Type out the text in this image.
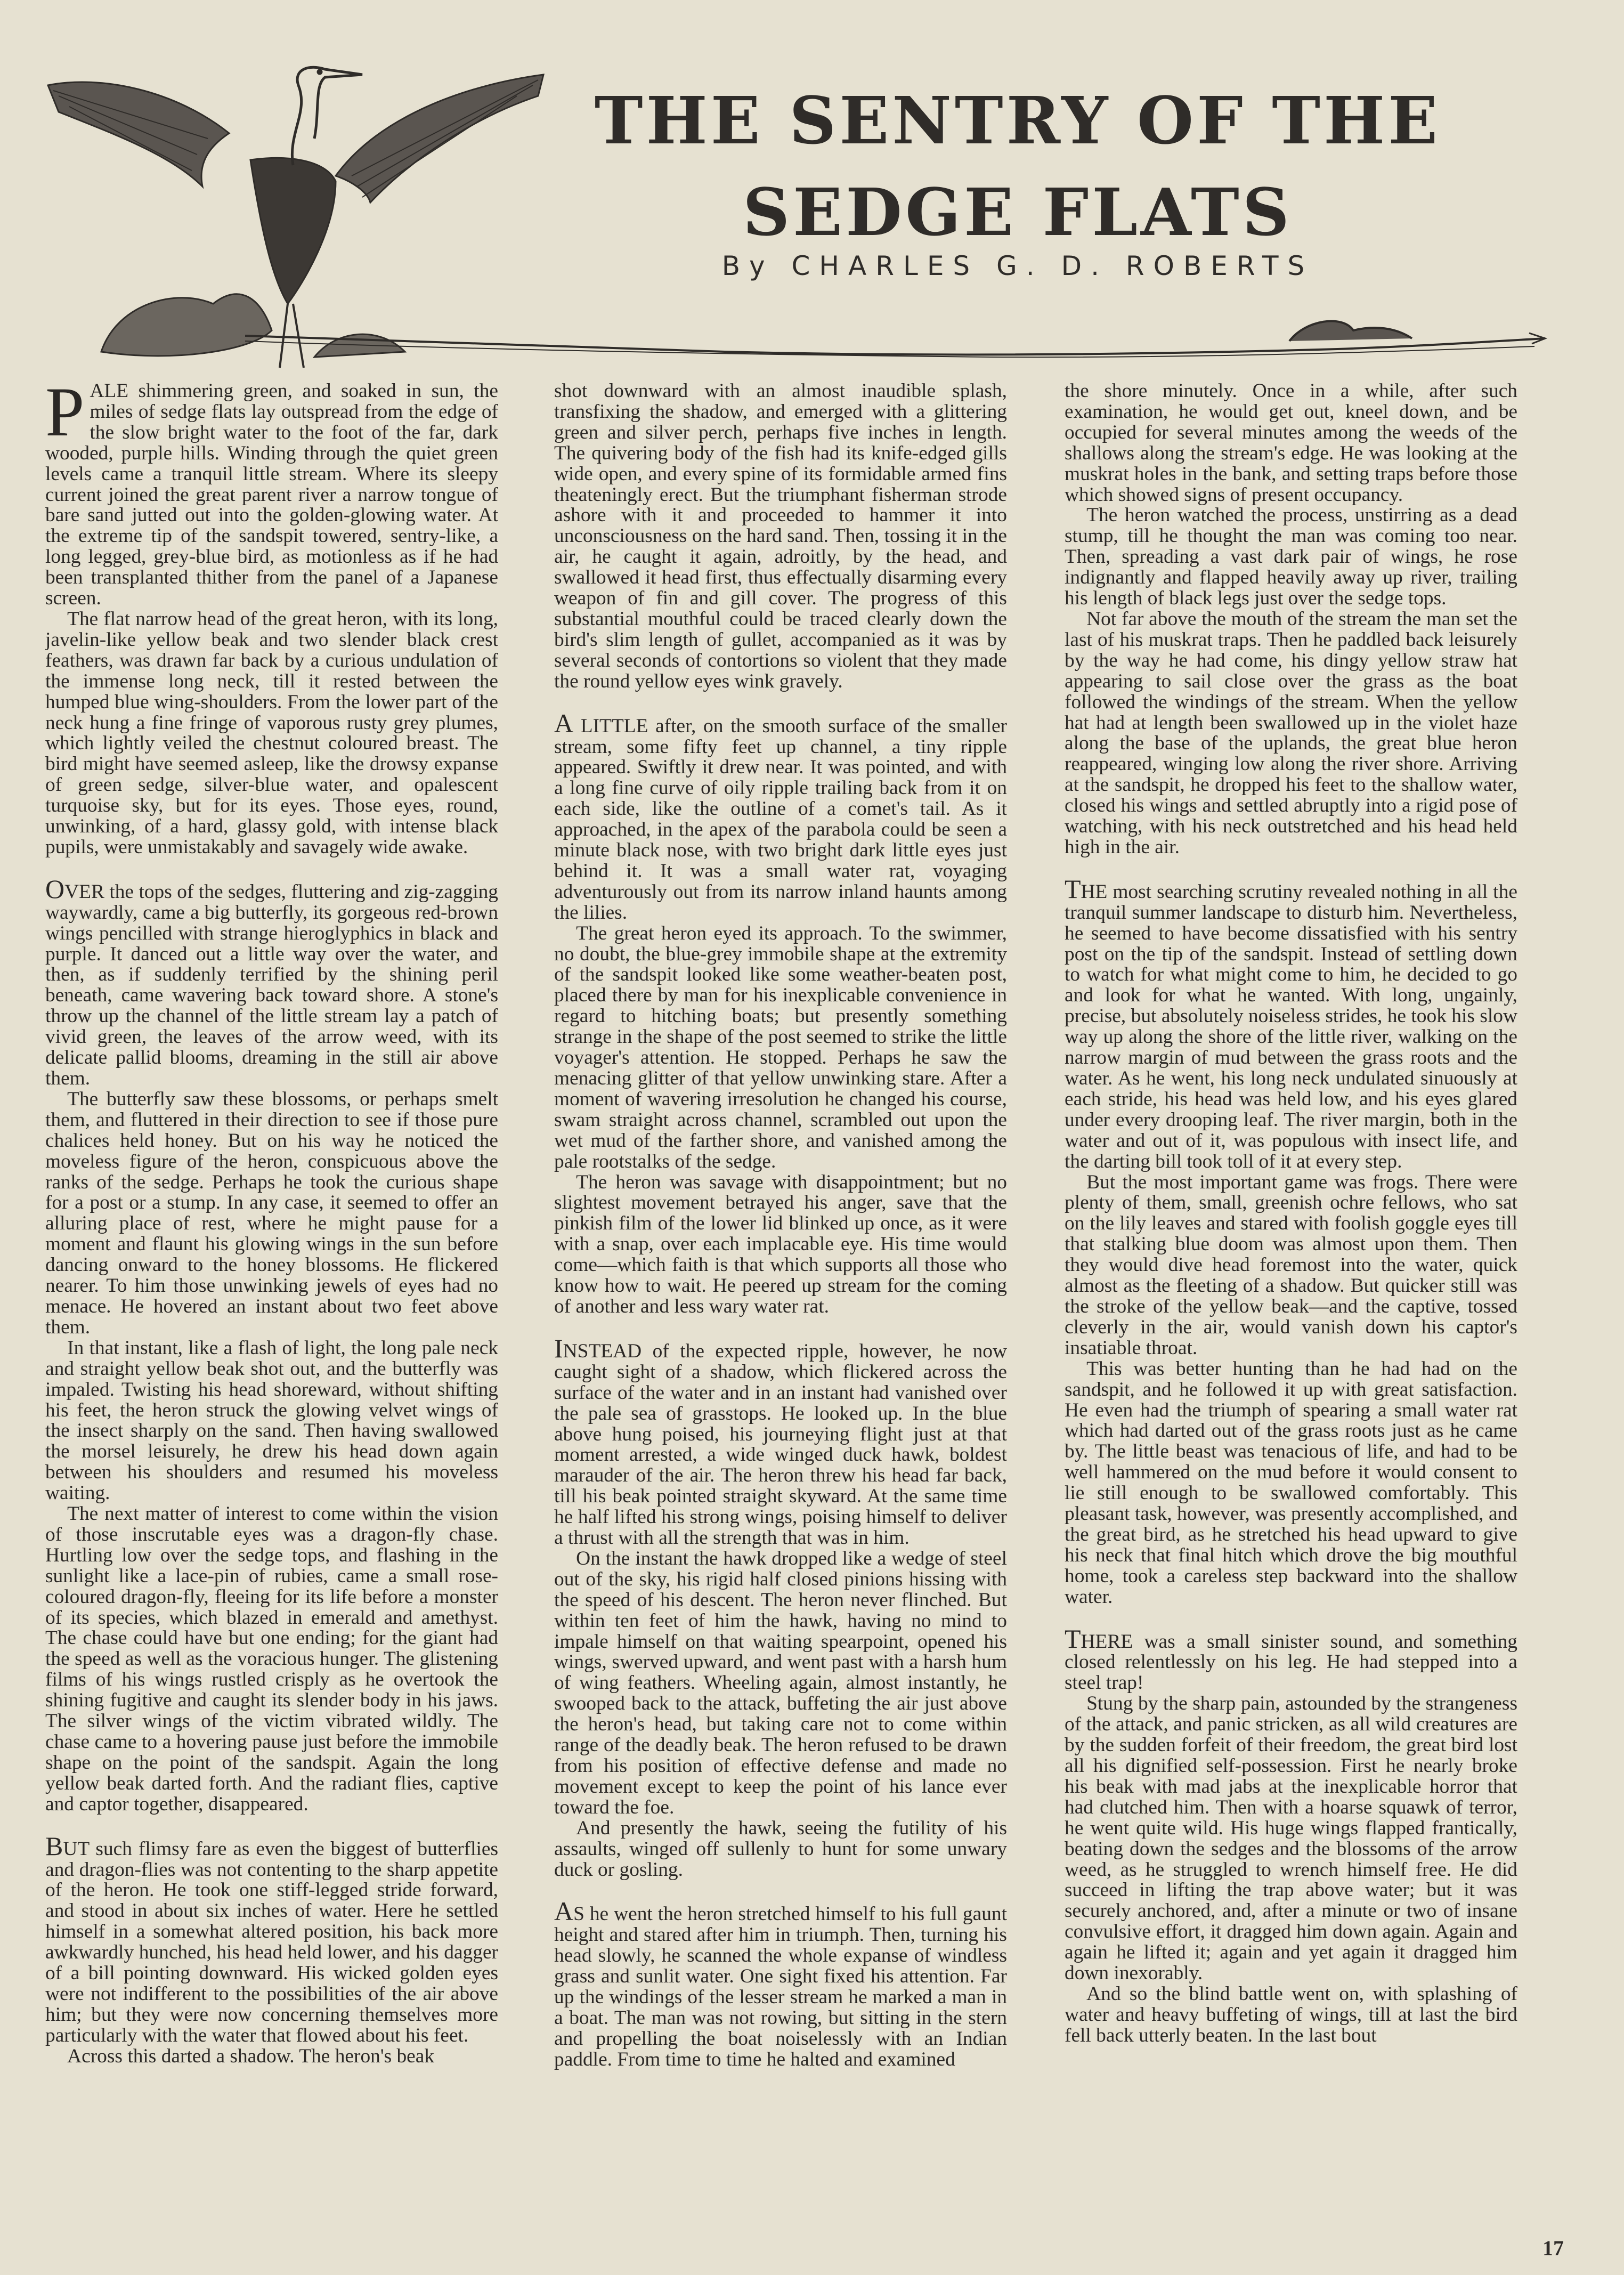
THE SENTRY OF THE
SEDGE FLATS
By CHARLES G. D. ROBERTS

PALE shimmering green, and soaked in sun, the miles of sedge flats lay outspread from the edge of the slow bright water to the foot of the far, dark wooded, purple hills. Winding through the quiet green levels came a tranquil little stream. Where its sleepy current joined the great parent river a narrow tongue of bare sand jutted out into the golden-glowing water. At the extreme tip of the sandspit towered, sentry-like, a long legged, grey-blue bird, as motionless as if he had been transplanted thither from the panel of a Japanese screen.

The flat narrow head of the great heron, with its long, javelin-like yellow beak and two slender black crest feathers, was drawn far back by a curious undulation of the immense long neck, till it rested between the humped blue wing-shoulders. From the lower part of the neck hung a fine fringe of vaporous rusty grey plumes, which lightly veiled the chestnut coloured breast. The bird might have seemed asleep, like the drowsy expanse of green sedge, silver-blue water, and opalescent turquoise sky, but for its eyes. Those eyes, round, unwinking, of a hard, glassy gold, with intense black pupils, were unmistakably and savagely wide awake.

OVER the tops of the sedges, fluttering and zig-zagging waywardly, came a big butterfly, its gorgeous red-brown wings pencilled with strange hieroglyphics in black and purple. It danced out a little way over the water, and then, as if suddenly terrified by the shining peril beneath, came wavering back toward shore. A stone's throw up the channel of the little stream lay a patch of vivid green, the leaves of the arrow weed, with its delicate pallid blooms, dreaming in the still air above them.

The butterfly saw these blossoms, or perhaps smelt them, and fluttered in their direction to see if those pure chalices held honey. But on his way he noticed the moveless figure of the heron, conspicuous above the ranks of the sedge. Perhaps he took the curious shape for a post or a stump. In any case, it seemed to offer an alluring place of rest, where he might pause for a moment and flaunt his glowing wings in the sun before dancing onward to the honey blossoms. He flickered nearer. To him those unwinking jewels of eyes had no menace. He hovered an instant about two feet above them.

In that instant, like a flash of light, the long pale neck and straight yellow beak shot out, and the butterfly was impaled. Twisting his head shoreward, without shifting his feet, the heron struck the glowing velvet wings of the insect sharply on the sand. Then having swallowed the morsel leisurely, he drew his head down again between his shoulders and resumed his moveless waiting.

The next matter of interest to come within the vision of those inscrutable eyes was a dragon-fly chase. Hurtling low over the sedge tops, and flashing in the sunlight like a lace-pin of rubies, came a small rose-coloured dragon-fly, fleeing for its life before a monster of its species, which blazed in emerald and amethyst. The chase could have but one ending; for the giant had the speed as well as the voracious hunger. The glistening films of his wings rustled crisply as he overtook the shining fugitive and caught its slender body in his jaws. The silver wings of the victim vibrated wildly. The chase came to a hovering pause just before the immobile shape on the point of the sandspit. Again the long yellow beak darted forth. And the radiant flies, captive and captor together, disappeared.

BUT such flimsy fare as even the biggest of butterflies and dragon-flies was not contenting to the sharp appetite of the heron. He took one stiff-legged stride forward, and stood in about six inches of water. Here he settled himself in a somewhat altered position, his back more awkwardly hunched, his head held lower, and his dagger of a bill pointing downward. His wicked golden eyes were not indifferent to the possibilities of the air above him; but they were now concerning themselves more particularly with the water that flowed about his feet.

Across this darted a shadow. The heron's beak

shot downward with an almost inaudible splash, transfixing the shadow, and emerged with a glittering green and silver perch, perhaps five inches in length. The quivering body of the fish had its knife-edged gills wide open, and every spine of its formidable armed fins theateningly erect. But the triumphant fisherman strode ashore with it and proceeded to hammer it into unconsciousness on the hard sand. Then, tossing it in the air, he caught it again, adroitly, by the head, and swallowed it head first, thus effectually disarming every weapon of fin and gill cover. The progress of this substantial mouthful could be traced clearly down the bird's slim length of gullet, accompanied as it was by several seconds of contortions so violent that they made the round yellow eyes wink gravely.

A LITTLE after, on the smooth surface of the smaller stream, some fifty feet up channel, a tiny ripple appeared. Swiftly it drew near. It was pointed, and with a long fine curve of oily ripple trailing back from it on each side, like the outline of a comet's tail. As it approached, in the apex of the parabola could be seen a minute black nose, with two bright dark little eyes just behind it. It was a small water rat, voyaging adventurously out from its narrow inland haunts among the lilies.

The great heron eyed its approach. To the swimmer, no doubt, the blue-grey immobile shape at the extremity of the sandspit looked like some weather-beaten post, placed there by man for his inexplicable convenience in regard to hitching boats; but presently something strange in the shape of the post seemed to strike the little voyager's attention. He stopped. Perhaps he saw the menacing glitter of that yellow unwinking stare. After a moment of wavering irresolution he changed his course, swam straight across channel, scrambled out upon the wet mud of the farther shore, and vanished among the pale rootstalks of the sedge.

The heron was savage with disappointment; but no slightest movement betrayed his anger, save that the pinkish film of the lower lid blinked up once, as it were with a snap, over each implacable eye. His time would come—which faith is that which supports all those who know how to wait. He peered up stream for the coming of another and less wary water rat.

INSTEAD of the expected ripple, however, he now caught sight of a shadow, which flickered across the surface of the water and in an instant had vanished over the pale sea of grasstops. He looked up. In the blue above hung poised, his journeying flight just at that moment arrested, a wide winged duck hawk, boldest marauder of the air. The heron threw his head far back, till his beak pointed straight skyward. At the same time he half lifted his strong wings, poising himself to deliver a thrust with all the strength that was in him.

On the instant the hawk dropped like a wedge of steel out of the sky, his rigid half closed pinions hissing with the speed of his descent. The heron never flinched. But within ten feet of him the hawk, having no mind to impale himself on that waiting spearpoint, opened his wings, swerved upward, and went past with a harsh hum of wing feathers. Wheeling again, almost instantly, he swooped back to the attack, buffeting the air just above the heron's head, but taking care not to come within range of the deadly beak. The heron refused to be drawn from his position of effective defense and made no movement except to keep the point of his lance ever toward the foe.

And presently the hawk, seeing the futility of his assaults, winged off sullenly to hunt for some unwary duck or gosling.

AS he went the heron stretched himself to his full gaunt height and stared after him in triumph. Then, turning his head slowly, he scanned the whole expanse of windless grass and sunlit water. One sight fixed his attention. Far up the windings of the lesser stream he marked a man in a boat. The man was not rowing, but sitting in the stern and propelling the boat noiselessly with an Indian paddle. From time to time he halted and examined

the shore minutely. Once in a while, after such examination, he would get out, kneel down, and be occupied for several minutes among the weeds of the shallows along the stream's edge. He was looking at the muskrat holes in the bank, and setting traps before those which showed signs of present occupancy.

The heron watched the process, unstirring as a dead stump, till he thought the man was coming too near. Then, spreading a vast dark pair of wings, he rose indignantly and flapped heavily away up river, trailing his length of black legs just over the sedge tops.

Not far above the mouth of the stream the man set the last of his muskrat traps. Then he paddled back leisurely by the way he had come, his dingy yellow straw hat appearing to sail close over the grass as the boat followed the windings of the stream. When the yellow hat had at length been swallowed up in the violet haze along the base of the uplands, the great blue heron reappeared, winging low along the river shore. Arriving at the sandspit, he dropped his feet to the shallow water, closed his wings and settled abruptly into a rigid pose of watching, with his neck outstretched and his head held high in the air.

THE most searching scrutiny revealed nothing in all the tranquil summer landscape to disturb him. Nevertheless, he seemed to have become dissatisfied with his sentry post on the tip of the sandspit. Instead of settling down to watch for what might come to him, he decided to go and look for what he wanted. With long, ungainly, precise, but absolutely noiseless strides, he took his slow way up along the shore of the little river, walking on the narrow margin of mud between the grass roots and the water. As he went, his long neck undulated sinuously at each stride, his head was held low, and his eyes glared under every drooping leaf. The river margin, both in the water and out of it, was populous with insect life, and the darting bill took toll of it at every step.

But the most important game was frogs. There were plenty of them, small, greenish ochre fellows, who sat on the lily leaves and stared with foolish goggle eyes till that stalking blue doom was almost upon them. Then they would dive head foremost into the water, quick almost as the fleeting of a shadow. But quicker still was the stroke of the yellow beak—and the captive, tossed cleverly in the air, would vanish down his captor's insatiable throat.

This was better hunting than he had had on the sandspit, and he followed it up with great satisfaction. He even had the triumph of spearing a small water rat which had darted out of the grass roots just as he came by. The little beast was tenacious of life, and had to be well hammered on the mud before it would consent to lie still enough to be swallowed comfortably. This pleasant task, however, was presently accomplished, and the great bird, as he stretched his head upward to give his neck that final hitch which drove the big mouthful home, took a careless step backward into the shallow water.

THERE was a small sinister sound, and something closed relentlessly on his leg. He had stepped into a steel trap!

Stung by the sharp pain, astounded by the strangeness of the attack, and panic stricken, as all wild creatures are by the sudden forfeit of their freedom, the great bird lost all his dignified self-possession. First he nearly broke his beak with mad jabs at the inexplicable horror that had clutched him. Then with a hoarse squawk of terror, he went quite wild. His huge wings flapped frantically, beating down the sedges and the blossoms of the arrow weed, as he struggled to wrench himself free. He did succeed in lifting the trap above water; but it was securely anchored, and, after a minute or two of insane convulsive effort, it dragged him down again. Again and again he lifted it; again and yet again it dragged him down inexorably.

And so the blind battle went on, with splashing of water and heavy buffeting of wings, till at last the bird fell back utterly beaten. In the last bout

17
